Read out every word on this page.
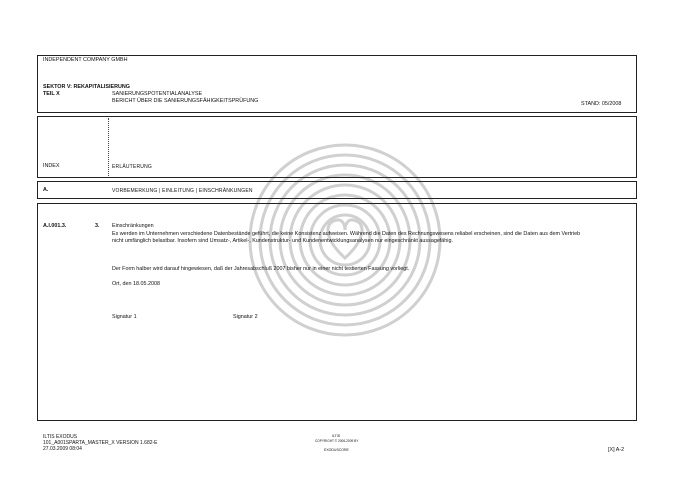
INDEPENDENT COMPANY GMBH
SEKTOR V: REKAPITALISIERUNG
TEIL X	SANIERUNGSPOTENTIALANALYSE
BERICHT ÜBER DIE SANIERUNGSFÄHIGKEITSPRÜFUNG	STAND: 05/2008
INDEX	ERLÄUTERUNG
A.	VORBEMERKUNG | EINLEITUNG | EINSCHRÄNKUNGEN
A.I.001.3.	3. Einschränkungen
Es werden im Unternehmen verschiedene Datenbestände geführt, die keine Konsistenz aufweisen. Während die Daten des Rechnungswesens reliabel erscheinen, sind die Daten aus dem Vertrieb nicht umfänglich belastbar. Insofern sind Umsatz-, Artikel-, Kundenstruktur- und Kundenentwicklungsanalysen nur eingeschränkt aussagefähig.
Der Form halber wird darauf hingewiesen, daß der Jahresabschluß 2007 bisher nur in einer nicht testierten Fassung vorliegt.
Ort, den 18.05.2008
Signatur 1	Signatur 2
ILTIS EXODUS
101_A001SPARTA_MASTER_X VERSION 1.682-E
27.03.2009 08:04
ILTIS
COPYRIGHT © 2006-2009 BY
EXODUSCORE	[X] A-2
